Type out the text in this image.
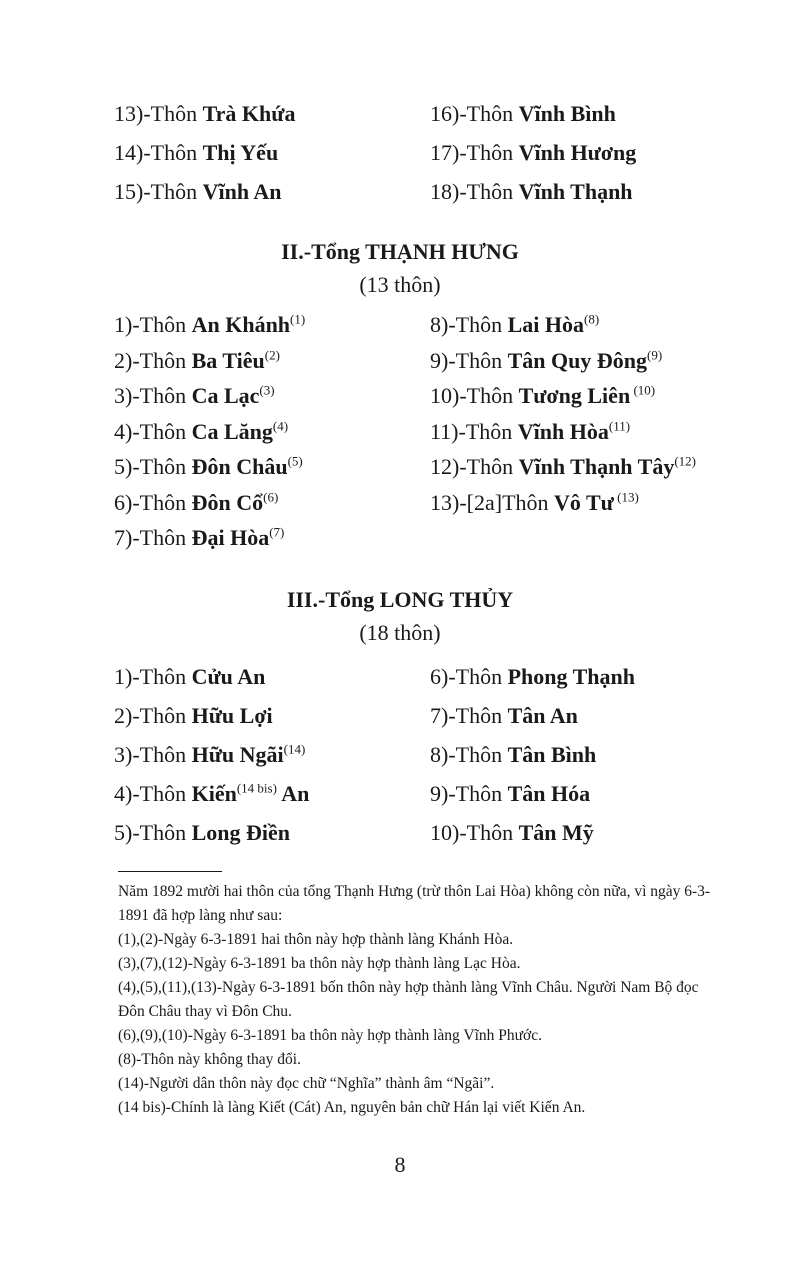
13)-Thôn Trà Khứa
14)-Thôn Thị Yếu
15)-Thôn Vĩnh An
16)-Thôn Vĩnh Bình
17)-Thôn Vĩnh Hương
18)-Thôn Vĩnh Thạnh
II.-Tổng THẠNH HƯNG
(13 thôn)
1)-Thôn An Khánh$^{(1)}$
2)-Thôn Ba Tiêu$^{(2)}$
3)-Thôn Ca Lạc$^{(3)}$
4)-Thôn Ca Lăng$^{(4)}$
5)-Thôn Đôn Châu$^{(5)}$
6)-Thôn Đôn Cổ$^{(6)}$
7)-Thôn Đại Hòa$^{(7)}$
8)-Thôn Lai Hòa$^{(8)}$
9)-Thôn Tân Quy Đông$^{(9)}$
10)-Thôn Tương Liên $^{(10)}$
11)-Thôn Vĩnh Hòa$^{(11)}$
12)-Thôn Vĩnh Thạnh Tây$^{(12)}$
13)-[2a]Thôn Vô Tư $^{(13)}$
III.-Tổng LONG THỦY
(18 thôn)
1)-Thôn Cửu An
2)-Thôn Hữu Lợi
3)-Thôn Hữu Ngãi$^{(14)}$
4)-Thôn Kiến$^{(14 bis)}$ An
5)-Thôn Long Điền
6)-Thôn Phong Thạnh
7)-Thôn Tân An
8)-Thôn Tân Bình
9)-Thôn Tân Hóa
10)-Thôn Tân Mỹ

Năm 1892 mười hai thôn của tổng Thạnh Hưng (trừ thôn Lai Hòa) không còn nữa, vì ngày 6-3-1891 đã hợp làng như sau:

(1),(2)-Ngày 6-3-1891 hai thôn này hợp thành làng Khánh Hòa.

(3),(7),(12)-Ngày 6-3-1891 ba thôn này hợp thành làng Lạc Hòa.

(4),(5),(11),(13)-Ngày 6-3-1891 bốn thôn này hợp thành làng Vĩnh Châu. Người Nam Bộ đọc Đôn Châu thay vì Đôn Chu.

(6),(9),(10)-Ngày 6-3-1891 ba thôn này hợp thành làng Vĩnh Phước.

(8)-Thôn này không thay đổi.

(14)-Người dân thôn này đọc chữ “Nghĩa” thành âm “Ngãi”.

(14 bis)-Chính là làng Kiết (Cát) An, nguyên bản chữ Hán lại viết Kiến An.

8
